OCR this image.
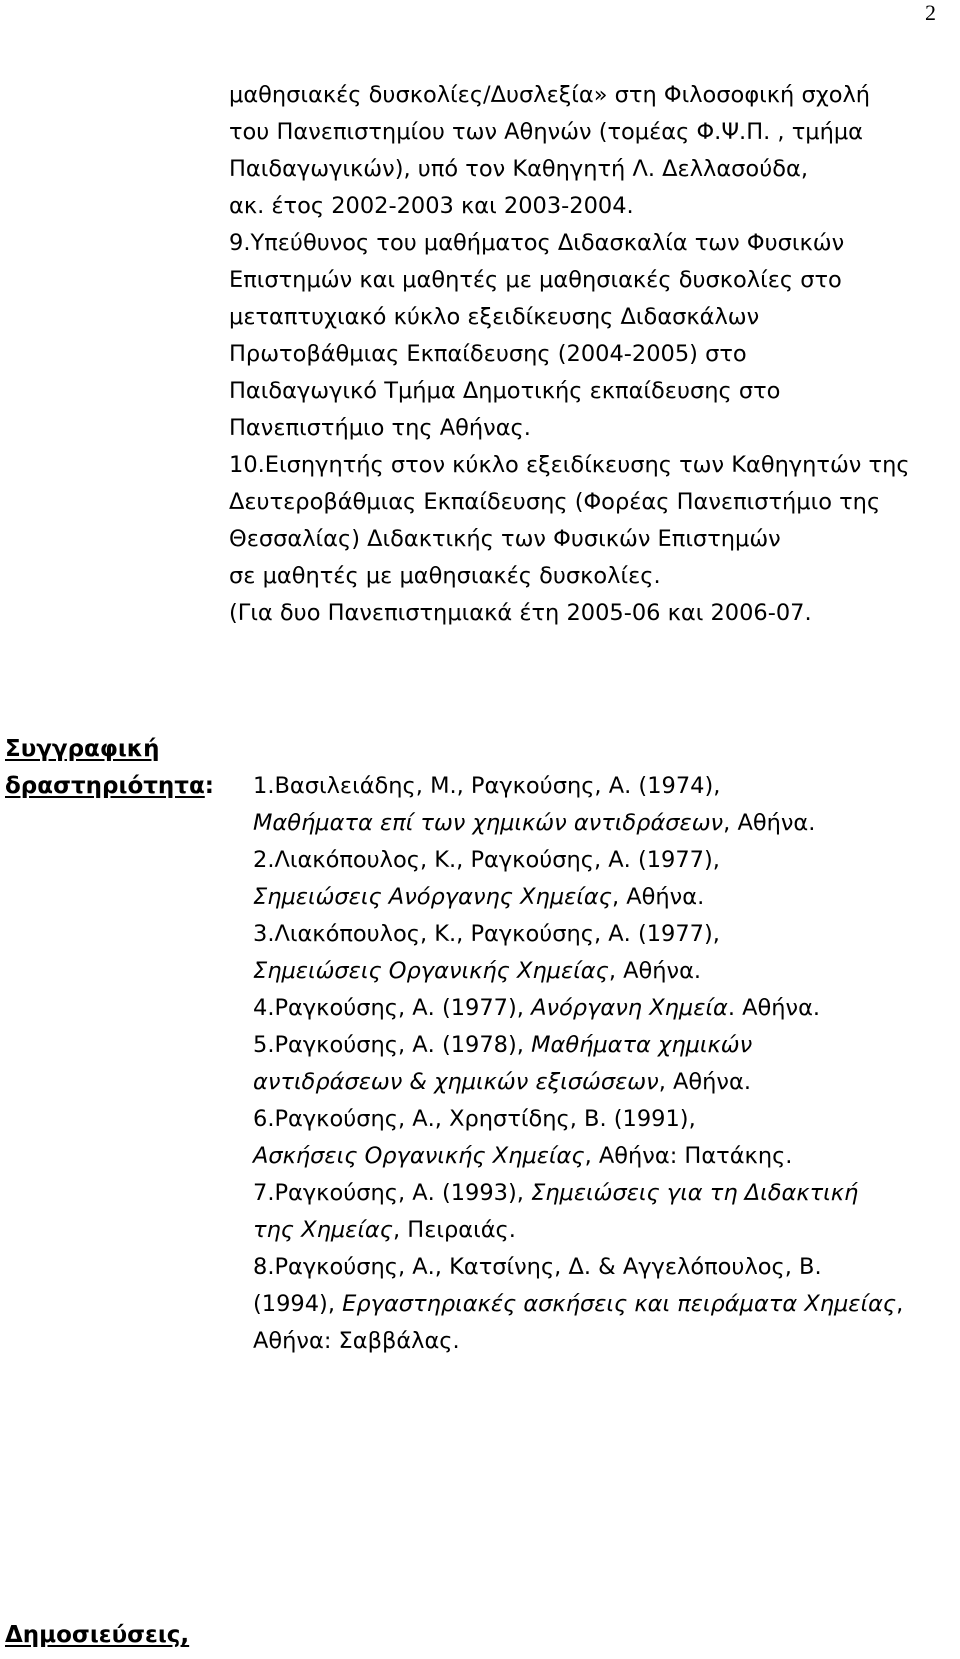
2
μαθησιακές δυσκολίες/Δυσλεξία» στη Φιλοσοφική σχολή
του Πανεπιστημίου των Αθηνών (τομέας Φ.Ψ.Π. , τμήμα
Παιδαγωγικών), υπό τον Καθηγητή Λ. Δελλασούδα,
ακ. έτος 2002-2003 και 2003-2004.
9.Υπεύθυνος του μαθήματος Διδασκαλία των Φυσικών
Επιστημών και μαθητές με μαθησιακές δυσκολίες στο
μεταπτυχιακό κύκλο εξειδίκευσης Διδασκάλων
Πρωτοβάθμιας Εκπαίδευσης (2004-2005) στο
Παιδαγωγικό Τμήμα Δημοτικής εκπαίδευσης στο
Πανεπιστήμιο της Αθήνας.
10.Εισηγητής στον κύκλο εξειδίκευσης των Καθηγητών της
Δευτεροβάθμιας Εκπαίδευσης (Φορέας Πανεπιστήμιο της
Θεσσαλίας) Διδακτικής των Φυσικών Επιστημών
σε μαθητές με μαθησιακές δυσκολίες.
(Για δυο Πανεπιστημιακά έτη 2005-06 και 2006-07.
Συγγραφική
δραστηριότητα: 1.Βασιλειάδης, Μ., Ραγκούσης, Α. (1974),
Μαθήματα επί των χημικών αντιδράσεων, Αθήνα.
2.Λιακόπουλος, Κ., Ραγκούσης, Α. (1977),
Σημειώσεις Ανόργανης Χημείας, Αθήνα.
3.Λιακόπουλος, Κ., Ραγκούσης, Α. (1977),
Σημειώσεις Οργανικής Χημείας, Αθήνα.
4.Ραγκούσης, Α. (1977), Ανόργανη Χημεία. Αθήνα.
5.Ραγκούσης, Α. (1978), Μαθήματα χημικών
αντιδράσεων & χημικών εξισώσεων, Αθήνα.
6.Ραγκούσης, Α., Χρηστίδης, Β. (1991),
Ασκήσεις Οργανικής Χημείας, Αθήνα: Πατάκης.
7.Ραγκούσης, Α. (1993), Σημειώσεις για τη Διδακτική
της Χημείας, Πειραιάς.
8.Ραγκούσης, Α., Κατσίνης, Δ. & Αγγελόπουλος, Β.
(1994), Εργαστηριακές ασκήσεις και πειράματα Χημείας,
Αθήνα: Σαββάλας.
Δημοσιεύσεις,
